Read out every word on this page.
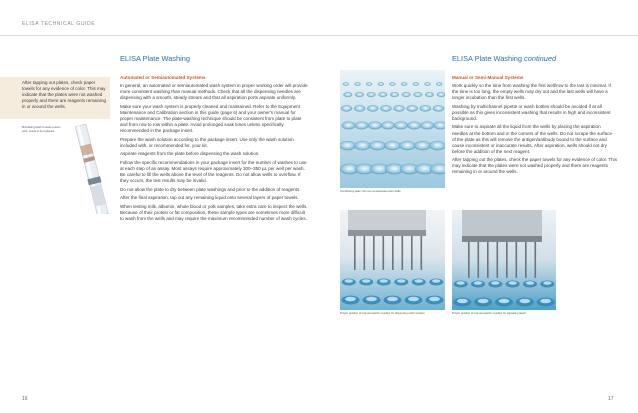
ELISA TECHNICAL GUIDE
After tapping out plates, check paper towels for any evidence of color. This may indicate that the plates were not washed properly and there are reagents remaining in or around the wells.
ELISA Plate Washing
Microbial growth in wash system tube; needs to be replaced.
Automated or Semiautomated Systems

In general, an automated or semiautomated wash system in proper working order will provide more consistent washing than manual methods. Check that all the dispensing needles are dispensing with a smooth, steady stream and that all aspiration ports aspirate uniformly.

Make sure your wash system is properly cleaned and maintained. Refer to the Equipment Maintenance and Calibration section in this guide (page 6) and your owner's manual for proper maintenance. The plate-washing technique should be consistent from plate to plate and from row to row within a plate. Avoid prolonged soak times unless specifically recommended in the package insert.

Prepare the wash solution according to the package insert. Use only the wash solution included with, or recommended for, your kit.

Aspirate reagents from the plate before dispensing the wash solution.

Follow the specific recommendations in your package insert for the number of washes to use at each step of an assay. Most assays require approximately 300–350 µL per well per wash. Be careful to fill the wells above the level of the reagents. Do not allow wells to overflow. If they occurs, the test results may be invalid.

Do not allow the plate to dry between plate washings and prior to the addition of reagents.

After the final aspiration, tap out any remaining liquid onto several layers of paper towels.

When testing milk, albumin, whole blood or yolk samples, take extra care to inspect the wells. Because of their protein or fat composition, these sample types are sometimes more difficult to wash from the wells and may require the maximum recommended number of wash cycles.

16
Overflowing plate; this can contaminate other wells.
Proper position of manual washer needles for dispensing wash solution	Proper position of manual washer needles for aspirating liquid
ELISA Plate Washing continued
Manual or Semi-Manual Systems

Work quickly so the time from washing the first well/row to the last is minimal. If the time is too long, the empty wells may dry out and the last wells will have a longer incubation than the first wells.

Washing by multichannel pipette or wash bottles should be avoided if at all possible as this gives inconsistent washing that results in high and inconsistent background.

Make sure to aspirate all the liquid from the wells by placing the aspiration needles at the bottom and in the corners of the wells. Do not scrape the surface of the plate as this will remove the antigen/antibody bound to the surface and cause inconsistent or inaccurate results. After aspiration, wells should not dry before the addition of the next reagent.

After tapping out the plates, check the paper towels for any evidence of color. This may indicate that the plates were not washed properly and there are reagents remaining in or around the wells.

17
